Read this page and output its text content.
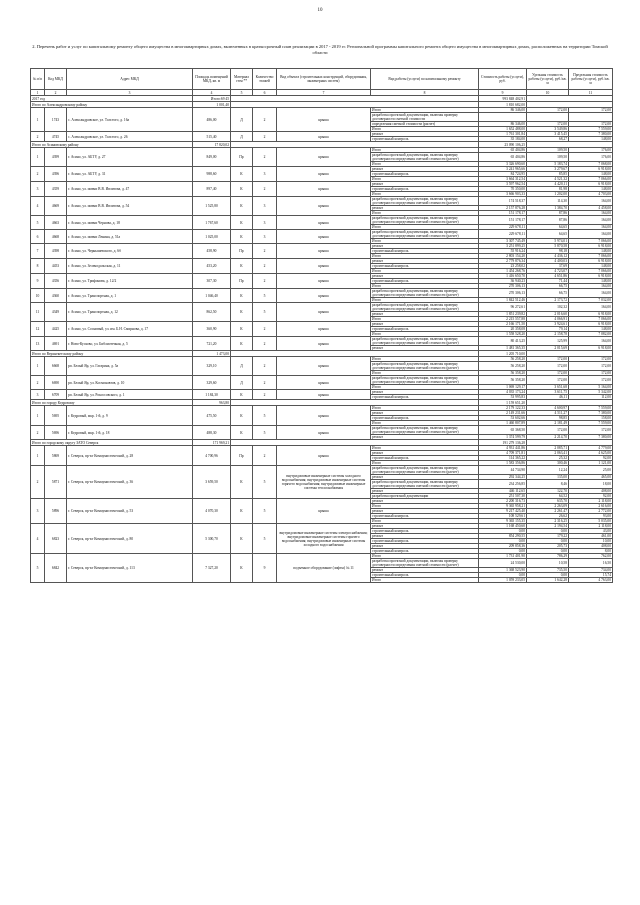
10
2. Перечень работ и услуг по капитальному ремонту общего имущества в многоквартирных домах, включенных в краткосрочный план реализации в 2017 - 2019 гг. Региональной программы капитального ремонта общего имущества в многоквартирных домах, расположенных на территории Томской области
№ п/п	Код МКД	Адрес МКД	Площадь помещений МКД, кв. м	Материал стен **	Количество этажей	Вид объекта (строительных конструкций, оборудования, инженерных систем)	Вид работы (услуги) по капитальному ремонту	Стоимость работы (услуги), руб.	Удельная стоимость работы (услуги), руб./кв. м	Предельная стоимость работы (услуги), руб./кв. м
1	2	3	4	5	6	7	8	9	10	11
2017 год			Итого:69 45					993 848 402,91		
Итого по Александровскому району			1 001,40					1 810 682,00		
1	1743	с. Александровское, ул. Толстого, д. 16а	486,00	Д	2	крыша	Итого	86 346,00	172,00	172,00
							разработка проектной документации, включая проверку достоверности сметной стоимости			
							определения сметной стоимости (расчет)	86 346,00	172,00	172,00
							Итого	1 652 488,00	3 549,86	7 559,00
2	4745	с. Александровское, ул. Толстого, д. 26	515,40	Д	2	крыша	ремонт	1 761 301,84	3 415,45	7 380,00
							строительный контроль	35 184,00	68,27	148,00
Итого по Асиновскому району			17 820,02					23 090 106,25		
1	4399	г. Асино, ул. АБТУ, д. 27	849,00	Пр	2	крыша	Итого	65 404,86	109,50	176,00
							разработка проектной документации, включая проверку достоверности определения сметной стоимости (расчет)	65 404,86	109,50	176,00
							Итого	3 326 690,60	5 183,74	7 068,00
2	4396	г. Асино, ул. АБТУ, д. 31	988,60	К	3	крыша	ремонт	3 241 965,66	3 279,67	6 918,00
							строительный контроль	84 724,95	85,85	148,00
							Итого	3 664 312,54	4 521,32	7 066,00
3	4359	г. Асино, ул. имени В.В. Ивлитова, д. 47	897,40	К	2	крыша	ремонт	3 597 962,54	4 420,11	6 918,00
							строительный контроль	70 350,00	81,98	148,00
							Итого	3 666 903,33	1 202,00	4 703,00
4	4669	г. Асино, ул. имени В.В. Ивлитова, д. 54	1 525,80	К	3	крыша	разработка проектной документации, включая проверку достоверности определения сметной стоимости (расчет)	174 518,37	114,30	164,00
							ремонт	2 157 876,28	1 384,70	4 458,00
							Итого	151 178,17	87,86	164,00
5	4663	г. Асино, ул. имени Чернова, д. 18	1 767,60	К	3	крыша	разработка проектной документации, включая проверку достоверности определения сметной стоимости (расчет)	151 178,17	87,86	164,00
							Итого	229 678,11	64,65	164,00
6	4668	г. Асино, ул. имени Ленина, д. 51а	1 025,00	К	3	крыша	разработка проектной документации, включая проверку достоверности определения сметной стоимости (расчет)	229 678,11	64,65	164,00
							Итого	3 307 745,49	5 974,01	7 066,00
7	4398	г. Асино, ул. Чернышевского, д. 6б	458,90	Пр	2	крыша	ремонт	3 251 899,25	5 870,58	6 918,00
							строительный контроль	55 916,24	98,18	148,00
							Итого	2 803 154,20	4 436,12	7 066,00
8	4453	г. Асино, ул. Зеленодольская, д. 11	453,20	К	2	крыша	ремонт	2 779 876,34	4 400,03	6 918,00
							строительный контроль	23 258,02	37,69	148,00
							Итого	1 454 268,76	4 723,07	7 066,00
9	4356	г. Асино, ул. Трифонова, д. 12/2	307,30	Пр	2	крыша	ремонт	1 416 650,70	4 651,86	6 918,00
							строительный контроль	36 940,23	71,44	148,00
							Итого	270 306,13	66,75	164,00
10	4360	г. Асино, ул. Транспортная, д. 1	1 046,40	К	5	крыша	разработка проектной документации, включая проверку достоверности определения сметной стоимости (расчет)	270 306,13	66,75	164,00
							Итого	1 842 512,46	2 173,72	7 032,00
11	4349	г. Асино, ул. Транспортная, д. 12	862,50	К	5	крыша	разработка проектной документации, включая проверку достоверности определения сметной стоимости (расчет)	96 272,61	102,32	164,00
							ремонт	1 851 239,82	2 016,60	6 918,00
							Итого	2 215 557,88	4 066,91	7 066,00
12	4425	г. Асино, ул. Сосновый, ул. им. Б.Н. Смирнова, д. 17	360,90	К	2	крыша	ремонт	2 166 171,50	3 924,61	6 918,00
							строительный контроль	20 358,08	79,14	148,00
							Итого	1 558 528,20	2 158,78	7 082,00
13	4691	г. Ново-Кусково, ул. Библиотечная, д. 5	721,20	К	2	крыша	разработка проектной документации, включая проверку достоверности определения сметной стоимости (расчет)	80 413,25	125,99	164,00
							ремонт	1 481 365,35	2 015,69	6 918,00
Итого по Верхнекетскому району			1 473,00					1 205 710,00		
1	6668	рп. Белый Яр, ул. Гагарина, д. 5а	329,10	Д	2	крыша	Итого	56 258,20	172,00	172,00
							разработка проектной документации, включая проверку достоверности определения сметной стоимости (расчет)	56 258,20	172,00	172,00
							Итого	56 358,20	172,00	172,00
2	6690	рп. Белый Яр, ул. Космонавтов, д. 10	329,60	Д	2	крыша	разработка проектной документации, включая проверку достоверности определения сметной стоимости (расчет)	56 358,20	172,00	172,00
							Итого	1 069 129,17	3 651,68	5 164,00
3	6709	рп. Белый Яр, ул. Рокоссовского, д. 1	1 184,30	К	2	крыша	ремонт	4 035 173,24	3 611,75	5 342,00
							строительный контроль	53 995,83	46,11	112,00
Итого по городу Кедровому			963,80					1 159 651,20		
1	5695	г. Кедровый, мкр. 1-й, д. 9	475,50	К	5	крыша	Итого	2 179 122,33	4 600,97	7 559,00
							ремонт	2 149 231,66	4 511,27	7 380,00
							строительный контроль	53 602,66	98,85	158,00
							Итого	1 460 807,89	2 181,49	7 559,00
2	5696	г. Кедровый, мкр. 1-й, д. 18	488,30	К	5	крыша	разработка проектной документации, включая проверку достоверности определения сметной стоимости (расчет)	65 368,50	172,00	172,00
							ремонт	1 374 599,79	2 214,70	7 380,00
Итого по городскому округу ЗАТО Северск			171 969,21					191 279 136,28		
1	5869	г. Северск, пр-кт Коммунистический, д. 28	4 700,96	Пр	2	крыша	Итого	4 931 441,86	2 085,71	4 779,00
							ремонт	4 709 371,81	2 063,41	4 625,00
							строительный контроль	114 365,22	25,32	92,00
							Итого	1 583 356,86	300,46	1 121,00
2	5871	г. Северск, пр-кт Коммунистический, д. 36	3 659,50	К	5	внутридомовые инженерные системы холодного водоснабжения; внутридомовые инженерные системы горячего водоснабжения; внутридомовые инженерные системы теплоснабжения	разработка проектной документации, включая проверку достоверности определения сметной стоимости (расчет)	44 734,90	12,24	25,00
							ремонт	292 344,25	135,00	465,00
							разработка проектной документации, включая проверку достоверности определения сметной стоимости (расчет)	234 256,85	8,46	18,00
							ремонт	446 112,65	122,70	408,00
							разработка проектной документации	251 507,30	64,52	92,00
3	5896	г. Северск, пр-кт Коммунистический, д. 53	4 070,30	К	5	крыша	ремонт	2 200 316,73	635,70	2 118,00
							Итого	9 365 958,21	2 263,09	2 616,00
							ремонт	9 217 425,40	2 261,47	2 772,00
							строительный контроль	108 529,61	26,62	93,00
							Итого	9 365 155,35	2 316,25	5 035,00
4	6823	г. Северск, пр-кт Коммунистический, д. 80	5 300,70	К	5	внутридомовые инженерные системы электроснабжения; внутридомовые инженерные системы горячего водоснабжения; внутридомовые инженерные системы холодного водоснабжения	ремонт	1 168 450,60	2 194,54	2 118,00
							строительный контроль	0,00	0,00	43,00
							ремонт	854 290,55	179,22	461,00
							строительный контроль	0,00	0,00	10,00
							ремонт	209 858,36	205,73	408,00
							строительный контроль	0,00	0,00	8,00
5	6842	г. Северск, пр-кт Коммунистический, д. 113	7 327,20	К	9	подъемное оборудование (лифты) № 11	Итого	1 731 401,90	786,29	762,00
							разработка проектной документации, включая проверку достоверности определения сметной стоимости (расчет)	24 530,00	10,58	16,50
							ремонт	1 368 523,90	735,50	734,00
							строительный контроль	0,00	0,00	15,74
							Итого	1 059 233,05	1 642,28	4 763,00
